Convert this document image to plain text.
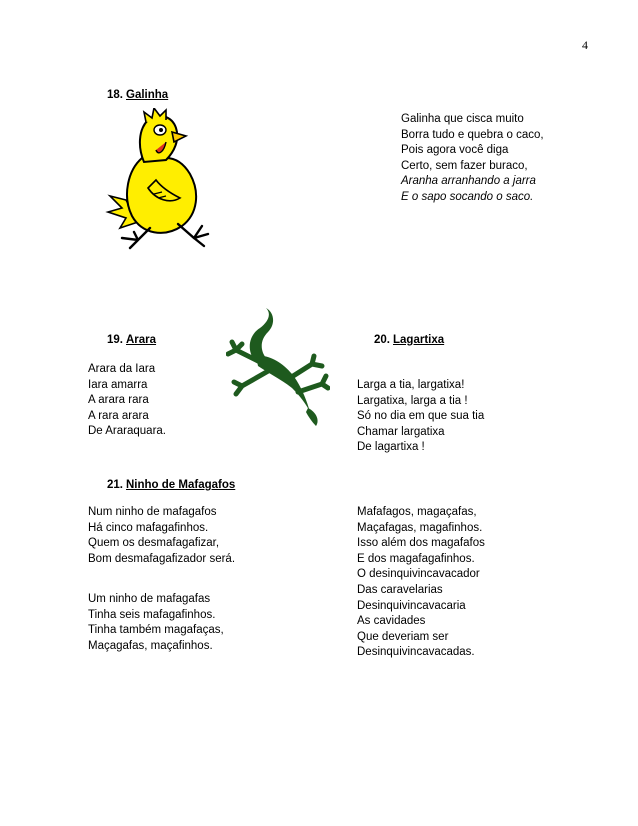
4
18. Galinha
Galinha que cisca muito
Borra tudo e quebra o caco,
Pois agora você diga
Certo, sem fazer buraco,
Aranha arranhando a jarra
E o sapo socando o saco.
19. Arara
Arara da Iara
Iara amarra
A arara rara
A rara arara
De Araraquara.
20. Lagartixa
Larga a tia, largatixa!
Largatixa, larga a tia !
Só no dia em que sua tia
Chamar largatixa
De lagartixa !
21. Ninho de Mafagafos
Num ninho de mafagafos
Há cinco mafagafinhos.
Quem os desmafagafizar,
Bom desmafagafizador será.
Um ninho de mafagafas
Tinha seis mafagafinhos.
Tinha também magafaças,
Maçagafas, maçafinhos.
Mafafagos, magaçafas,
Maçafagas, magafinhos.
Isso além dos magafafos
E dos magafagafinhos.
O desinquivincavacador
Das caravelarias
Desinquivincavacaria
As cavidades
Que deveriam ser
Desinquivincavacadas.
